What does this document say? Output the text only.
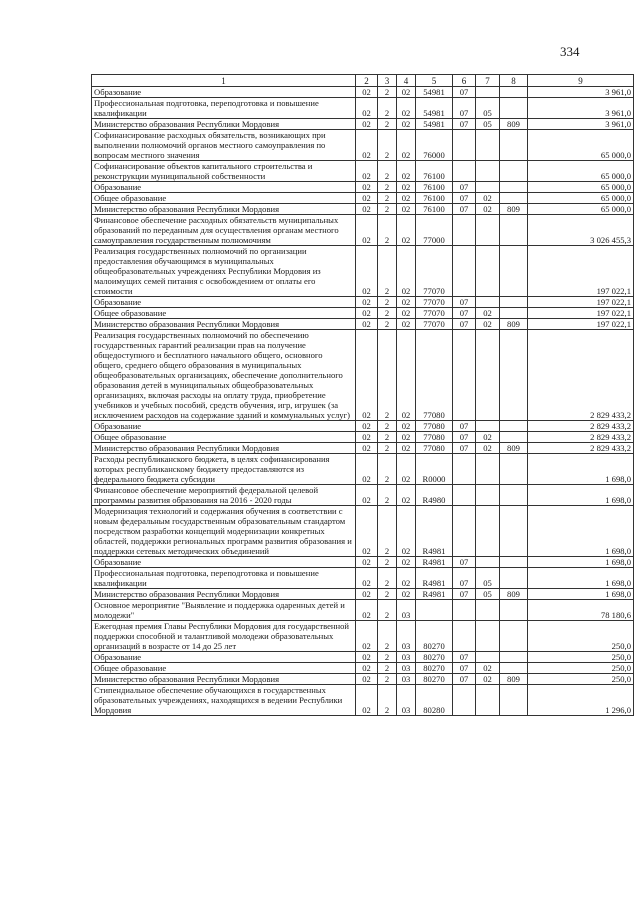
334
1	2	3	4	5	6	7	8	9
Образование	02	2	02	54981	07			3 961,0
Профессиональная подготовка, переподготовка и повышение квалификации	02	2	02	54981	07	05		3 961,0
Министерство образования Республики Мордовия	02	2	02	54981	07	05	809	3 961,0
Софинансирование расходных обязательств, возникающих при выполнении полномочий органов местного самоуправления по вопросам местного значения	02	2	02	76000				65 000,0
Софинансирование объектов капитального строительства и реконструкции муниципальной собственности	02	2	02	76100				65 000,0
Образование	02	2	02	76100	07			65 000,0
Общее образование	02	2	02	76100	07	02		65 000,0
Министерство образования Республики Мордовия	02	2	02	76100	07	02	809	65 000,0
Финансовое обеспечение расходных обязательств муниципальных образований по переданным для осуществления органам местного самоуправления государственным полномочиям	02	2	02	77000				3 026 455,3
Реализация государственных полномочий по организации предоставления обучающимся в муниципальных общеобразовательных учреждениях Республики Мордовия из малоимущих семей питания с освобождением от оплаты его стоимости	02	2	02	77070				197 022,1
Образование	02	2	02	77070	07			197 022,1
Общее образование	02	2	02	77070	07	02		197 022,1
Министерство образования Республики Мордовия	02	2	02	77070	07	02	809	197 022,1
Реализация государственных полномочий по обеспечению государственных гарантий реализации прав на получение общедоступного и бесплатного начального общего, основного общего, среднего общего образования в муниципальных общеобразовательных организациях, обеспечение дополнительного образования детей в муниципальных общеобразовательных организациях, включая расходы на оплату труда, приобретение учебников и учебных пособий, средств обучения, игр, игрушек (за исключением расходов на содержание зданий и коммунальных услуг)	02	2	02	77080				2 829 433,2
Образование	02	2	02	77080	07			2 829 433,2
Общее образование	02	2	02	77080	07	02		2 829 433,2
Министерство образования Республики Мордовия	02	2	02	77080	07	02	809	2 829 433,2
Расходы республиканского бюджета, в целях софинансирования которых республиканскому бюджету предоставляются из федерального бюджета субсидии	02	2	02	R0000				1 698,0
Финансовое обеспечение мероприятий федеральной целевой программы развития образования на 2016 - 2020 годы	02	2	02	R4980				1 698,0
Модернизация технологий и содержания обучения в соответствии с новым федеральным государственным образовательным стандартом посредством разработки концепций модернизации конкретных областей, поддержки региональных программ развития образования и поддержки сетевых методических объединений	02	2	02	R4981				1 698,0
Образование	02	2	02	R4981	07			1 698,0
Профессиональная подготовка, переподготовка и повышение квалификации	02	2	02	R4981	07	05		1 698,0
Министерство образования Республики Мордовия	02	2	02	R4981	07	05	809	1 698,0
Основное мероприятие "Выявление и поддержка одаренных детей и молодежи"	02	2	03					78 180,6
Ежегодная премия Главы Республики Мордовия для государственной поддержки способной и талантливой молодежи образовательных организаций в возрасте от 14 до 25 лет	02	2	03	80270				250,0
Образование	02	2	03	80270	07			250,0
Общее образование	02	2	03	80270	07	02		250,0
Министерство образования Республики Мордовия	02	2	03	80270	07	02	809	250,0
Стипендиальное обеспечение обучающихся в государственных образовательных учреждениях, находящихся в ведении Республики Мордовия	02	2	03	80280				1 296,0
